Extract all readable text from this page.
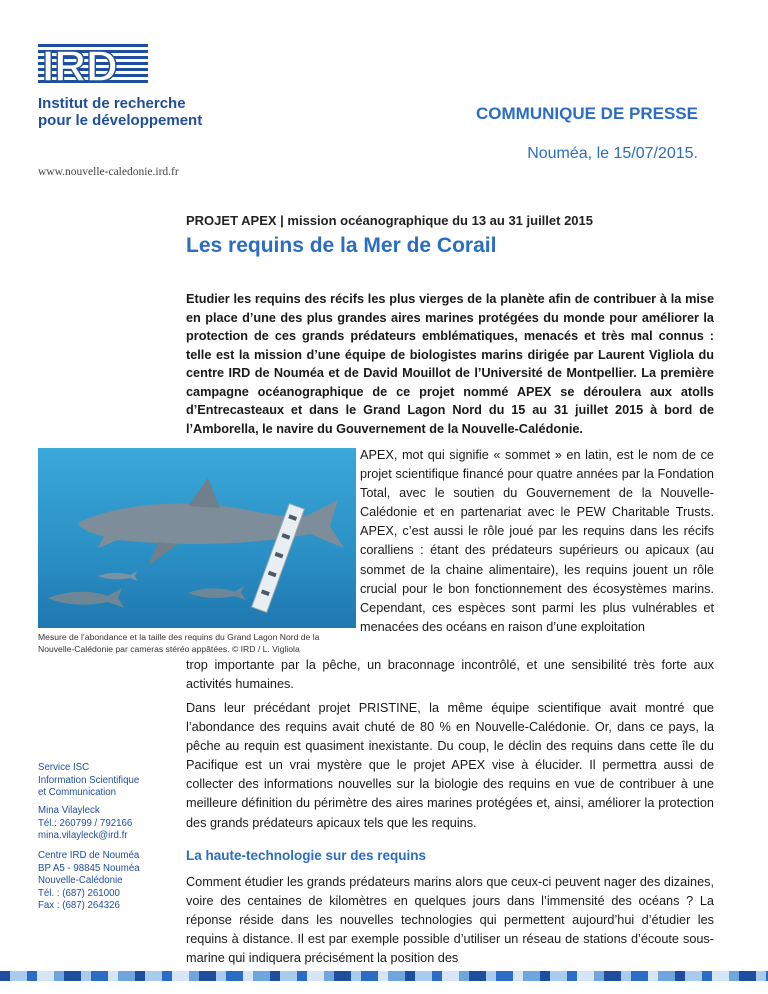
IRD
Institut de recherche
pour le développement
www.nouvelle-caledonie.ird.fr
COMMUNIQUE DE PRESSE
Nouméa, le 15/07/2015.
PROJET APEX | mission océanographique du 13 au 31 juillet 2015
Les requins de la Mer de Corail
Etudier les requins des récifs les plus vierges de la planète afin de contribuer à la mise en place d’une des plus grandes aires marines protégées du monde pour améliorer la protection de ces grands prédateurs emblématiques, menacés et très mal connus : telle est la mission d’une équipe de biologistes marins dirigée par Laurent Vigliola du centre IRD de Nouméa et de David Mouillot de l’Université de Montpellier. La première campagne océanographique de ce projet nommé APEX se déroulera aux atolls d’Entrecasteaux et dans le Grand Lagon Nord du 15 au 31 juillet 2015 à bord de l’Amborella, le navire du Gouvernement de la Nouvelle-Calédonie.
Mesure de l’abondance et la taille des requins du Grand Lagon Nord de la
Nouvelle-Calédonie par cameras stéréo appâtées. © IRD / L. Vigliola
APEX, mot qui signifie « sommet » en latin, est le nom de ce projet scientifique financé pour quatre années par la Fondation Total, avec le soutien du Gouvernement de la Nouvelle-Calédonie et en partenariat avec le PEW Charitable Trusts. APEX, c’est aussi le rôle joué par les requins dans les récifs coralliens : étant des prédateurs supérieurs ou apicaux (au sommet de la chaine alimentaire), les requins jouent un rôle crucial pour le bon fonctionnement des écosystèmes marins. Cependant, ces espèces sont parmi les plus vulnérables et menacées des océans en raison d’une exploitation
trop importante par la pêche, un braconnage incontrôlé, et une sensibilité très forte aux activités humaines.
Dans leur précédant projet PRISTINE, la même équipe scientifique avait montré que l’abondance des requins avait chuté de 80 % en Nouvelle-Calédonie. Or, dans ce pays, la pêche au requin est quasiment inexistante. Du coup, le déclin des requins dans cette île du Pacifique est un vrai mystère que le projet APEX vise à élucider. Il permettra aussi de collecter des informations nouvelles sur la biologie des requins en vue de contribuer à une meilleure définition du périmètre des aires marines protégées et, ainsi, améliorer la protection des grands prédateurs apicaux tels que les requins.
Service ISC
Information Scientifique
et Communication
Mina Vilayleck
Tél.: 260799 / 792166
mina.vilayleck@ird.fr
Centre IRD de Nouméa
BP A5 - 98845 Nouméa
Nouvelle-Calédonie
Tél. : (687) 261000
Fax : (687) 264326
La haute-technologie sur des requins
Comment étudier les grands prédateurs marins alors que ceux-ci peuvent nager des dizaines, voire des centaines de kilomètres en quelques jours dans l’immensité des océans ? La réponse réside dans les nouvelles technologies qui permettent aujourd’hui d’étudier les requins à distance. Il est par exemple possible d’utiliser un réseau de stations d’écoute sous-marine qui indiquera précisément la position des
